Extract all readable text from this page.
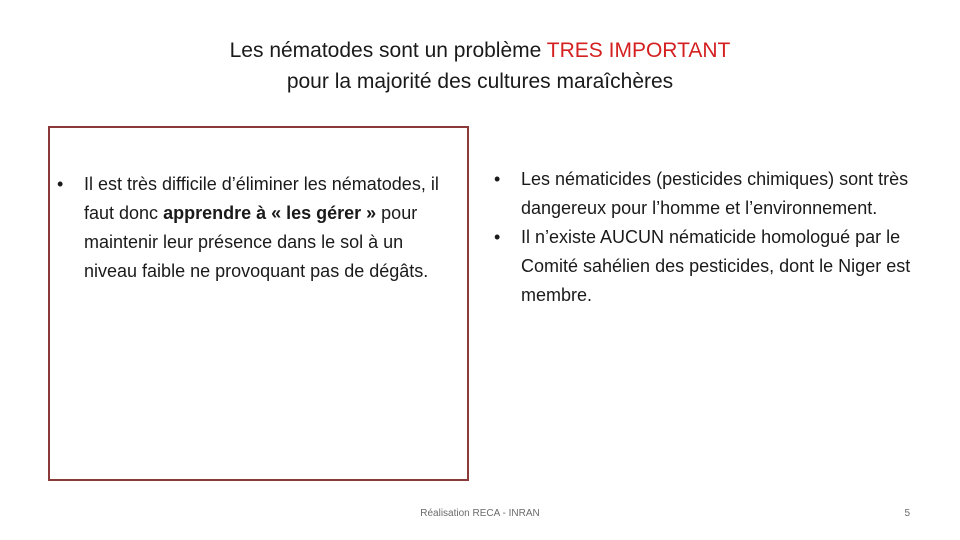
Les nématodes sont un problème TRES IMPORTANT
pour la majorité des cultures maraîchères
• Il est très difficile d’éliminer les nématodes, il faut donc apprendre à « les gérer » pour maintenir leur présence dans le sol à un niveau faible ne provoquant pas de dégâts.
• Les nématicides (pesticides chimiques) sont très dangereux pour l’homme et l’environnement.
• Il n’existe AUCUN nématicide homologué par le Comité sahélien des pesticides, dont le Niger est membre.
Réalisation RECA - INRAN	5
